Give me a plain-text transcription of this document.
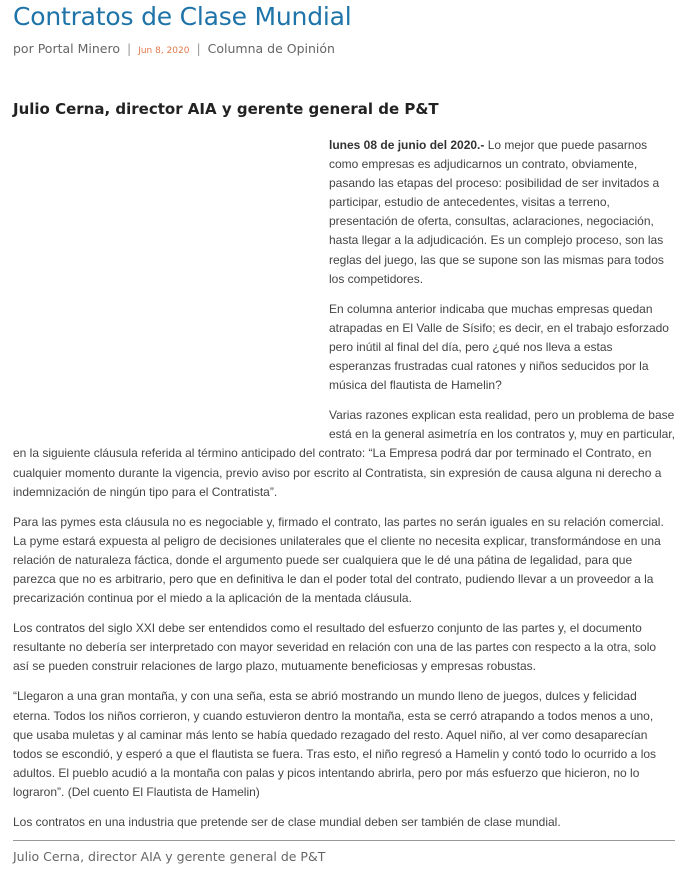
Contratos de Clase Mundial
por Portal Minero | Jun 8, 2020 | Columna de Opinión
Julio Cerna, director AIA y gerente general de P&T

lunes 08 de junio del 2020.- Lo mejor que puede pasarnos como empresas es adjudicarnos un contrato, obviamente, pasando las etapas del proceso: posibilidad de ser invitados a participar, estudio de antecedentes, visitas a terreno, presentación de oferta, consultas, aclaraciones, negociación, hasta llegar a la adjudicación. Es un complejo proceso, son las reglas del juego, las que se supone son las mismas para todos los competidores.

En columna anterior indicaba que muchas empresas quedan atrapadas en El Valle de Sísifo; es decir, en el trabajo esforzado pero inútil al final del día, pero ¿qué nos lleva a estas esperanzas frustradas cual ratones y niños seducidos por la música del flautista de Hamelin?

Varias razones explican esta realidad, pero un problema de base está en la general asimetría en los contratos y, muy en particular, en la siguiente cláusula referida al término anticipado del contrato: “La Empresa podrá dar por terminado el Contrato, en cualquier momento durante la vigencia, previo aviso por escrito al Contratista, sin expresión de causa alguna ni derecho a indemnización de ningún tipo para el Contratista”.

Para las pymes esta cláusula no es negociable y, firmado el contrato, las partes no serán iguales en su relación comercial. La pyme estará expuesta al peligro de decisiones unilaterales que el cliente no necesita explicar, transformándose en una relación de naturaleza fáctica, donde el argumento puede ser cualquiera que le dé una pátina de legalidad, para que parezca que no es arbitrario, pero que en definitiva le dan el poder total del contrato, pudiendo llevar a un proveedor a la precarización continua por el miedo a la aplicación de la mentada cláusula.

Los contratos del siglo XXI debe ser entendidos como el resultado del esfuerzo conjunto de las partes y, el documento resultante no debería ser interpretado con mayor severidad en relación con una de las partes con respecto a la otra, solo así se pueden construir relaciones de largo plazo, mutuamente beneficiosas y empresas robustas.

“Llegaron a una gran montaña, y con una seña, esta se abrió mostrando un mundo lleno de juegos, dulces y felicidad eterna. Todos los niños corrieron, y cuando estuvieron dentro la montaña, esta se cerró atrapando a todos menos a uno, que usaba muletas y al caminar más lento se había quedado rezagado del resto. Aquel niño, al ver como desaparecían todos se escondió, y esperó a que el flautista se fuera. Tras esto, el niño regresó a Hamelin y contó todo lo ocurrido a los adultos. El pueblo acudió a la montaña con palas y picos intentando abrirla, pero por más esfuerzo que hicieron, no lo lograron”. (Del cuento El Flautista de Hamelin)

Los contratos en una industria que pretende ser de clase mundial deben ser también de clase mundial.

Julio Cerna, director AIA y gerente general de P&T
